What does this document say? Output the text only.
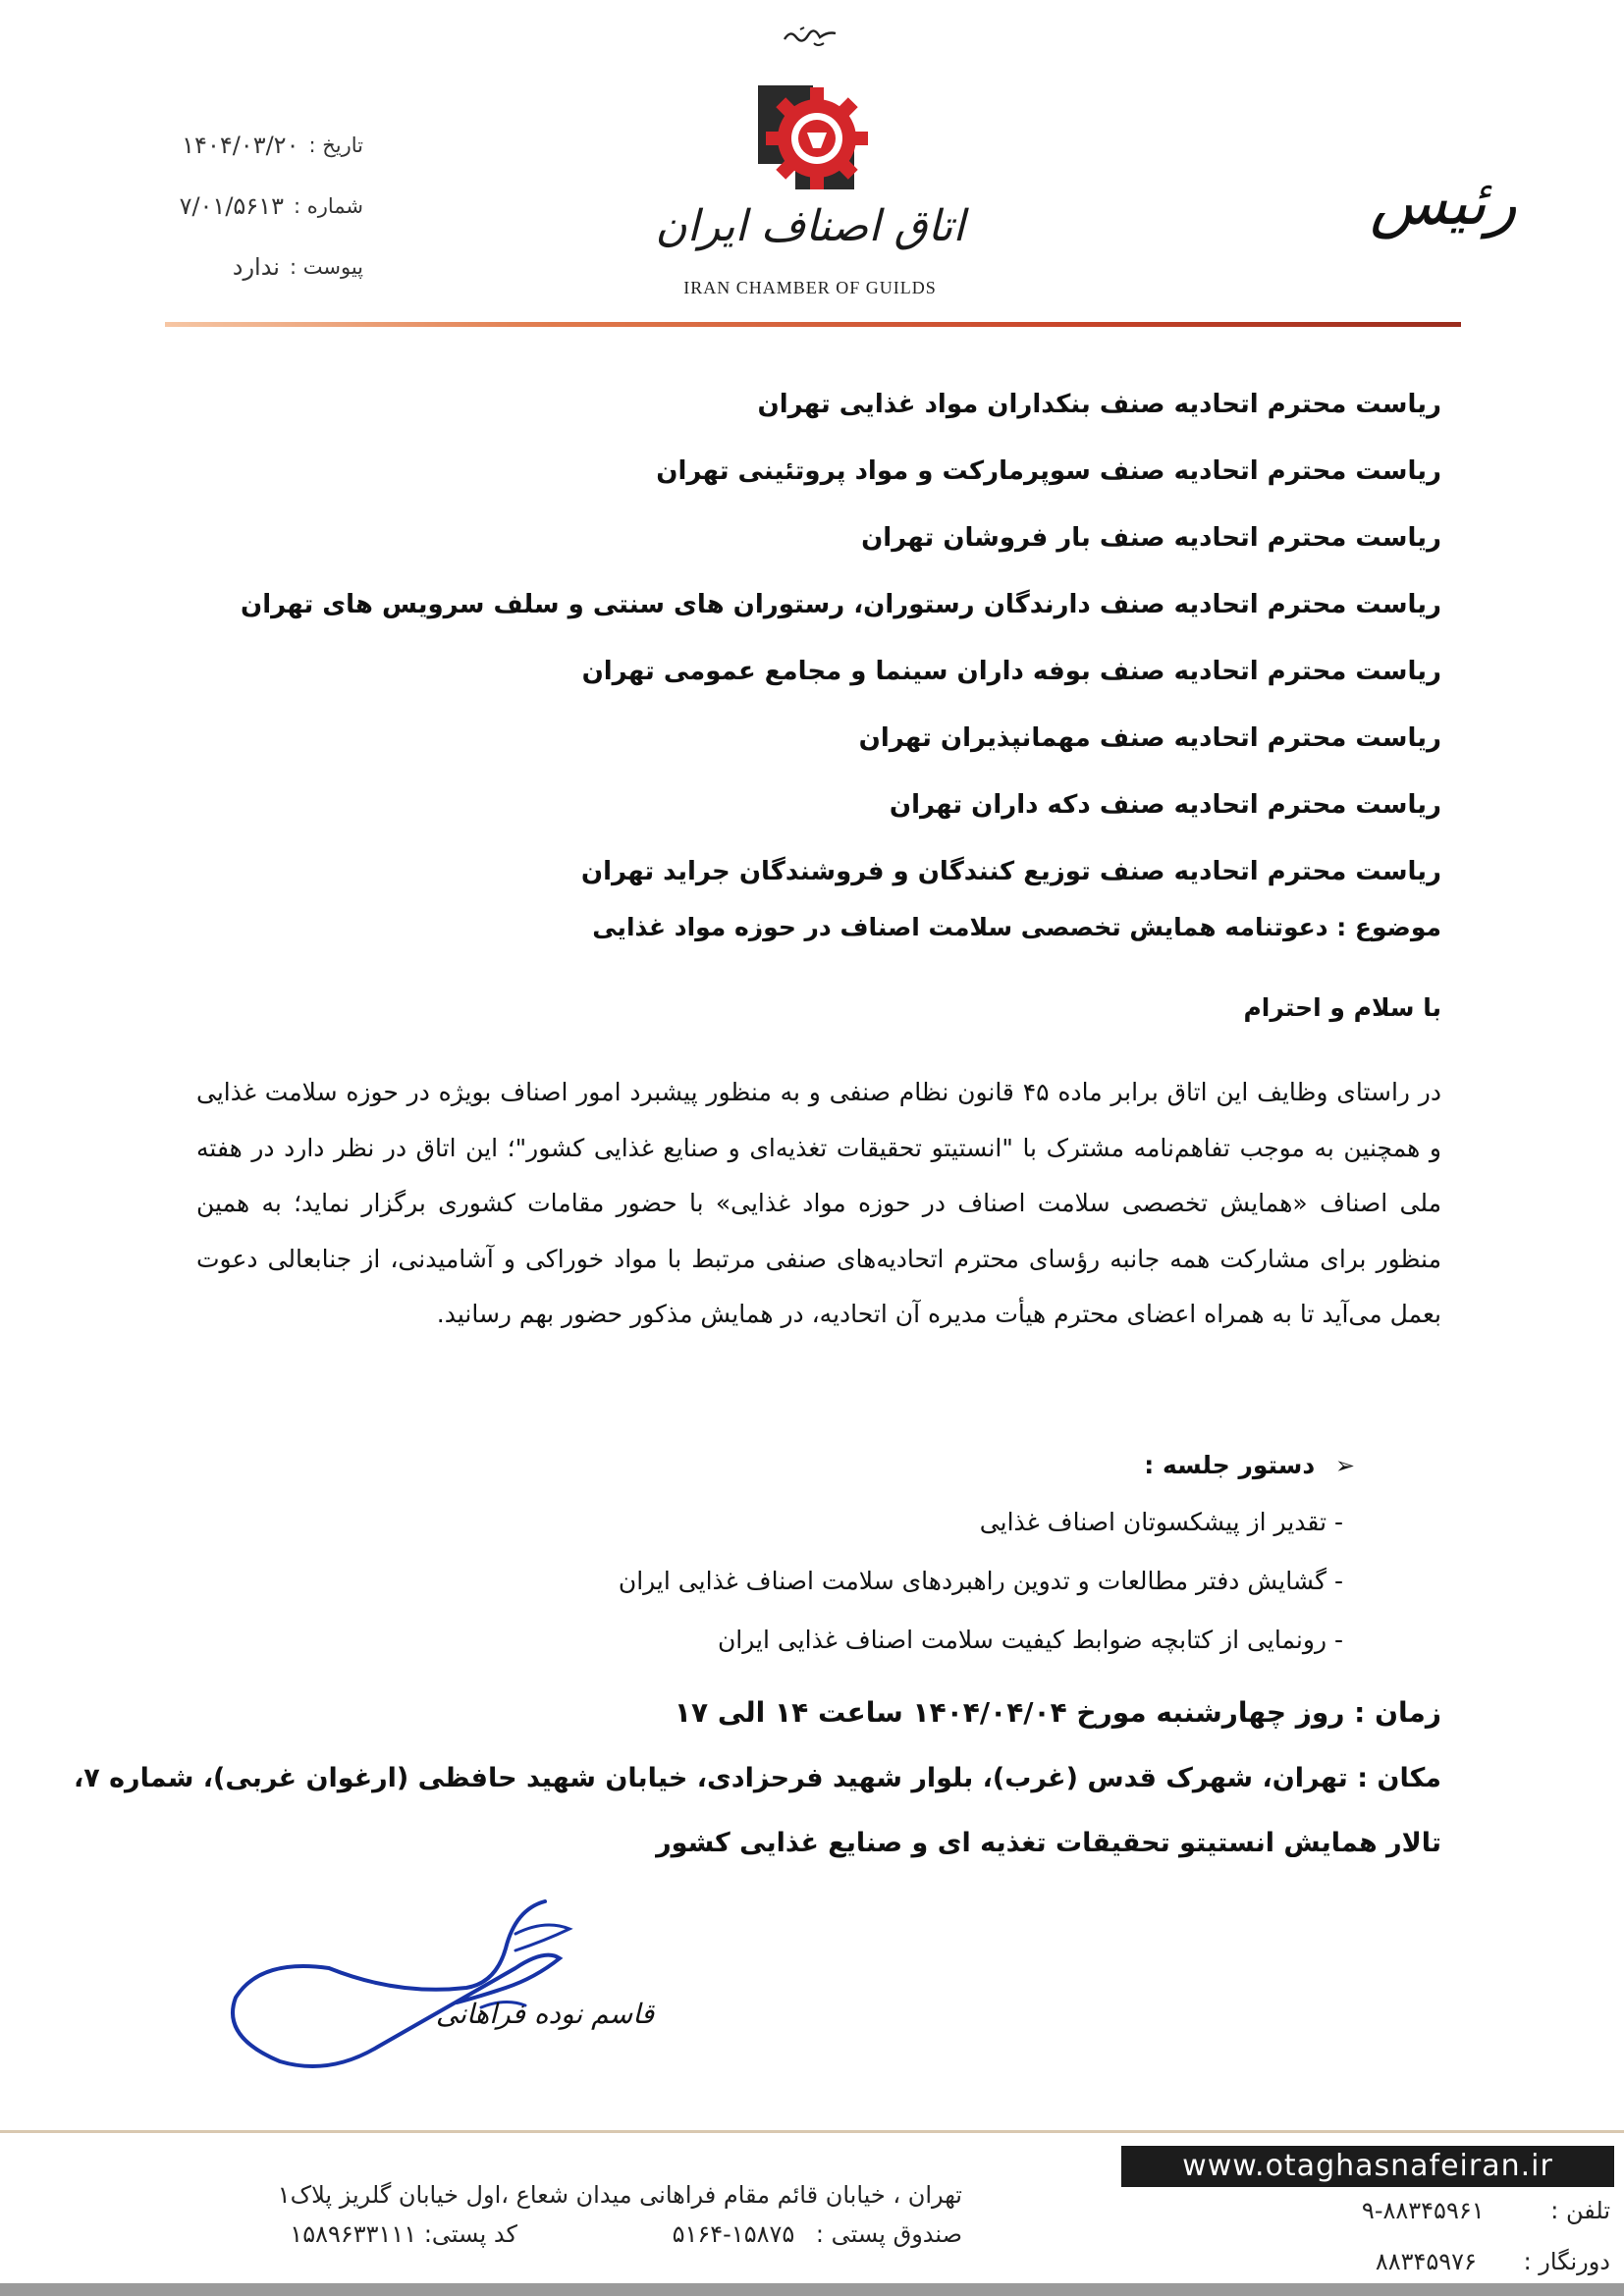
اتاق اصناف ایران
IRAN CHAMBER OF GUILDS
رئیس
تاریخ :
۱۴۰۴/۰۳/۲۰
شماره :
۷/۰۱/۵۶۱۳
پیوست :
ندارد
ریاست محترم اتحادیه صنف بنکداران مواد غذایی تهران
ریاست محترم اتحادیه صنف سوپرمارکت و مواد پروتئینی تهران
ریاست محترم اتحادیه صنف بار فروشان تهران
ریاست محترم اتحادیه صنف دارندگان رستوران، رستوران های سنتی و سلف سرویس های تهران
ریاست محترم اتحادیه صنف بوفه داران سینما و مجامع عمومی تهران
ریاست محترم اتحادیه صنف مهمانپذیران تهران
ریاست محترم اتحادیه صنف دکه داران تهران
ریاست محترم اتحادیه صنف توزیع کنندگان و فروشندگان جراید تهران
موضوع : دعوتنامه همایش تخصصی سلامت اصناف در حوزه مواد غذایی
با سلام و احترام
در راستای وظایف این اتاق برابر ماده ۴۵ قانون نظام صنفی و به منظور پیشبرد امور اصناف بویژه در حوزه سلامت غذایی و همچنین به موجب تفاهم‌نامه مشترک با "انستیتو تحقیقات تغذیه‌ای و صنایع غذایی کشور"؛ این اتاق در نظر دارد در هفته ملی اصناف «همایش تخصصی سلامت اصناف در حوزه مواد غذایی» با حضور مقامات کشوری برگزار نماید؛ به همین منظور برای مشارکت همه جانبه رؤسای محترم اتحادیه‌های صنفی مرتبط با مواد خوراکی و آشامیدنی، از جنابعالی دعوت بعمل می‌آید تا به همراه اعضای محترم هیأت مدیره آن اتحادیه، در همایش مذکور حضور بهم رسانید.
➢ دستور جلسه :
- تقدیر از پیشکسوتان اصناف غذایی
- گشایش دفتر مطالعات و تدوین راهبردهای سلامت اصناف غذایی ایران
- رونمایی از کتابچه ضوابط کیفیت سلامت اصناف غذایی ایران
زمان : روز چهارشنبه مورخ ۱۴۰۴/۰۴/۰۴ ساعت ۱۴ الی ۱۷
مکان : تهران، شهرک قدس (غرب)، بلوار شهید فرحزادی، خیابان شهید حافظی (ارغوان غربی)، شماره ۷،
تالار همایش انستیتو تحقیقات تغذیه ای و صنایع غذایی کشور
قاسم نوده فراهانی
www.otaghasnafeiran.ir
تلفن : ۸۸۳۴۵۹۶۱-۹
دورنگار : ۸۸۳۴۵۹۷۶
تهران ، خیابان قائم مقام فراهانی میدان شعاع ،اول خیابان گلریز پلاک۱
صندوق پستی : ۱۵۸۷۵-۵۱۶۴ کد پستی: ۱۵۸۹۶۳۳۱۱۱
